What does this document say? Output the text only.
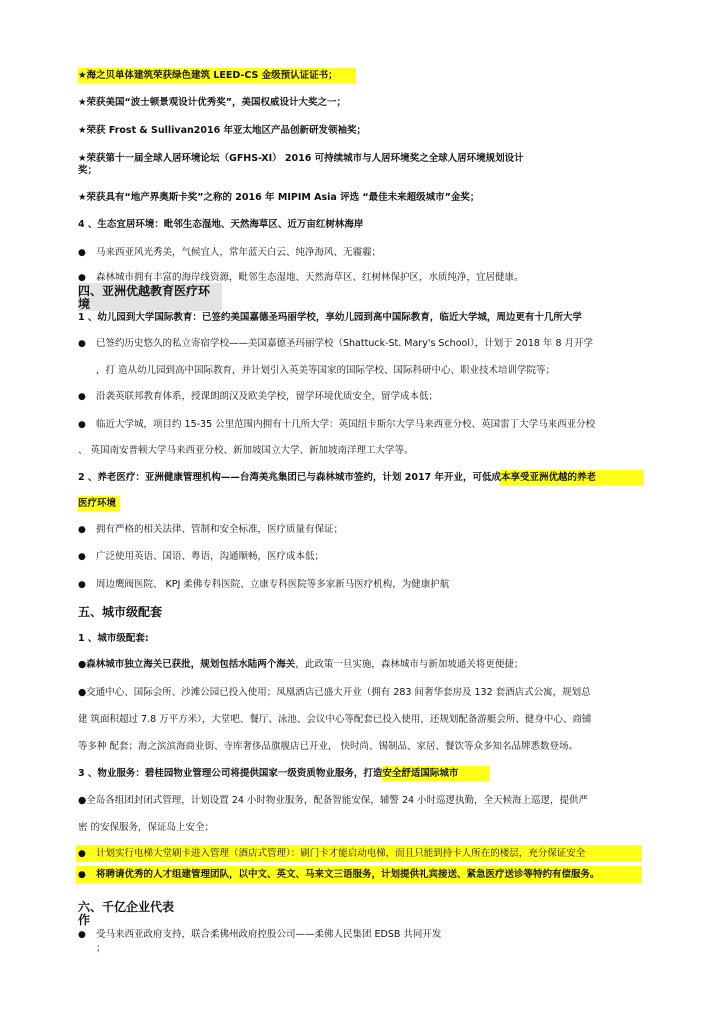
★海之贝单体建筑荣获绿色建筑 LEED-CS 金级预认证证书；
★荣获美国“波士顿景观设计优秀奖”，美国权威设计大奖之一；
★荣获 Frost & Sullivan2016 年亚太地区产品创新研发领袖奖；
★荣获第十一届全球人居环境论坛（GFHS-XI） 2016 可持续城市与人居环境奖之全球人居环境规划设计
奖；
★荣获具有“地产界奥斯卡奖”之称的 2016 年 MIPIM Asia 评选 “最佳未来超级城市”金奖；
4 、生态宜居环境：毗邻生态湿地、天然海草区、近万亩红树林海岸
● 马来西亚风光秀美，气候宜人，常年蓝天白云、纯净海风、无霾霾；
● 森林城市拥有丰富的海岸线资源，毗邻生态湿地、天然海草区、红树林保护区，水质纯净，宜居健康。
四、亚洲优越教育医疗环
境
1 、幼儿园到大学国际教育：已签约美国嘉德圣玛丽学校，享幼儿园到高中国际教育，临近大学城，周边更有十几所大学
● 已签约历史悠久的私立寄宿学校——美国嘉德圣玛丽学校（Shattuck-St. Mary's School），计划于 2018 年 8 月开学
，打 造从幼儿园到高中国际教育，并计划引入英美等国家的国际学校、国际科研中心、职业技术培训学院等；
● 沿袭英联邦教育体系，授课朗朗汉及欧美学校，留学环境优质安全，留学成本低；
● 临近大学城，项目约 15-35 公里范围内拥有十几所大学：英国纽卡斯尔大学马来西亚分校、英国雷丁大学马来西亚分校
、 英国南安普顿大学马来西亚分校、新加坡国立大学、新加坡南洋理工大学等。
2 、养老医疗：亚洲健康管理机构——台湾美兆集团已与森林城市签约，计划 2017 年开业，可低成本享受亚洲优越的养老
医疗环境
● 拥有严格的相关法律、管制和安全标准，医疗质量有保证；
● 广泛使用英语、国语、粤语，沟通顺畅，医疗成本低；
● 周边鹰阀医院、 KPJ 柔佛专科医院、立康专科医院等多家新马医疗机构，为健康护航
五、城市级配套
1 、城市级配套:
●森林城市独立海关已获批，规划包括水陆两个海关，此政策一旦实施，森林城市与新加坡通关将更便捷；
●交通中心、国际会所、沙滩公园已投入使用；凤凰酒店已盛大开业（拥有 283 间奢华套房及 132 套酒店式公寓，规划总
建 筑面积超过 7.8 万平方米），大堂吧、餐厅、泳池、会议中心等配套已投入使用，还规划配备游艇会所、健身中心、商铺
等多种 配套；海之滨滨海商业街、寺库奢侈品旗舰店已开业， 快时尚、锡制品、家居、餐饮等众多知名品牌悉数登场。
3 、物业服务：碧桂园物业管理公司将提供国家一级资质物业服务，打造安全舒适国际城市
●全岛各组团封闭式管理，计划设置 24 小时物业服务，配备智能安保，辅警 24 小时巡逻执勤，全天候海上巡逻，提供严
密 的安保服务，保证岛上安全；
● 计划实行电梯大堂刷卡进入管理（酒店式管理）：刷门卡才能启动电梯，而且只能到持卡人所在的楼层，充分保证安全
● 将聘请优秀的人才组建管理团队，以中文、英文、马来文三语服务，计划提供礼宾接送、紧急医疗送诊等特约有偿服务。
六、千亿企业代表
作
● 受马来西亚政府支持，联合柔佛州政府控股公司——柔佛人民集团 EDSB 共同开发
；
